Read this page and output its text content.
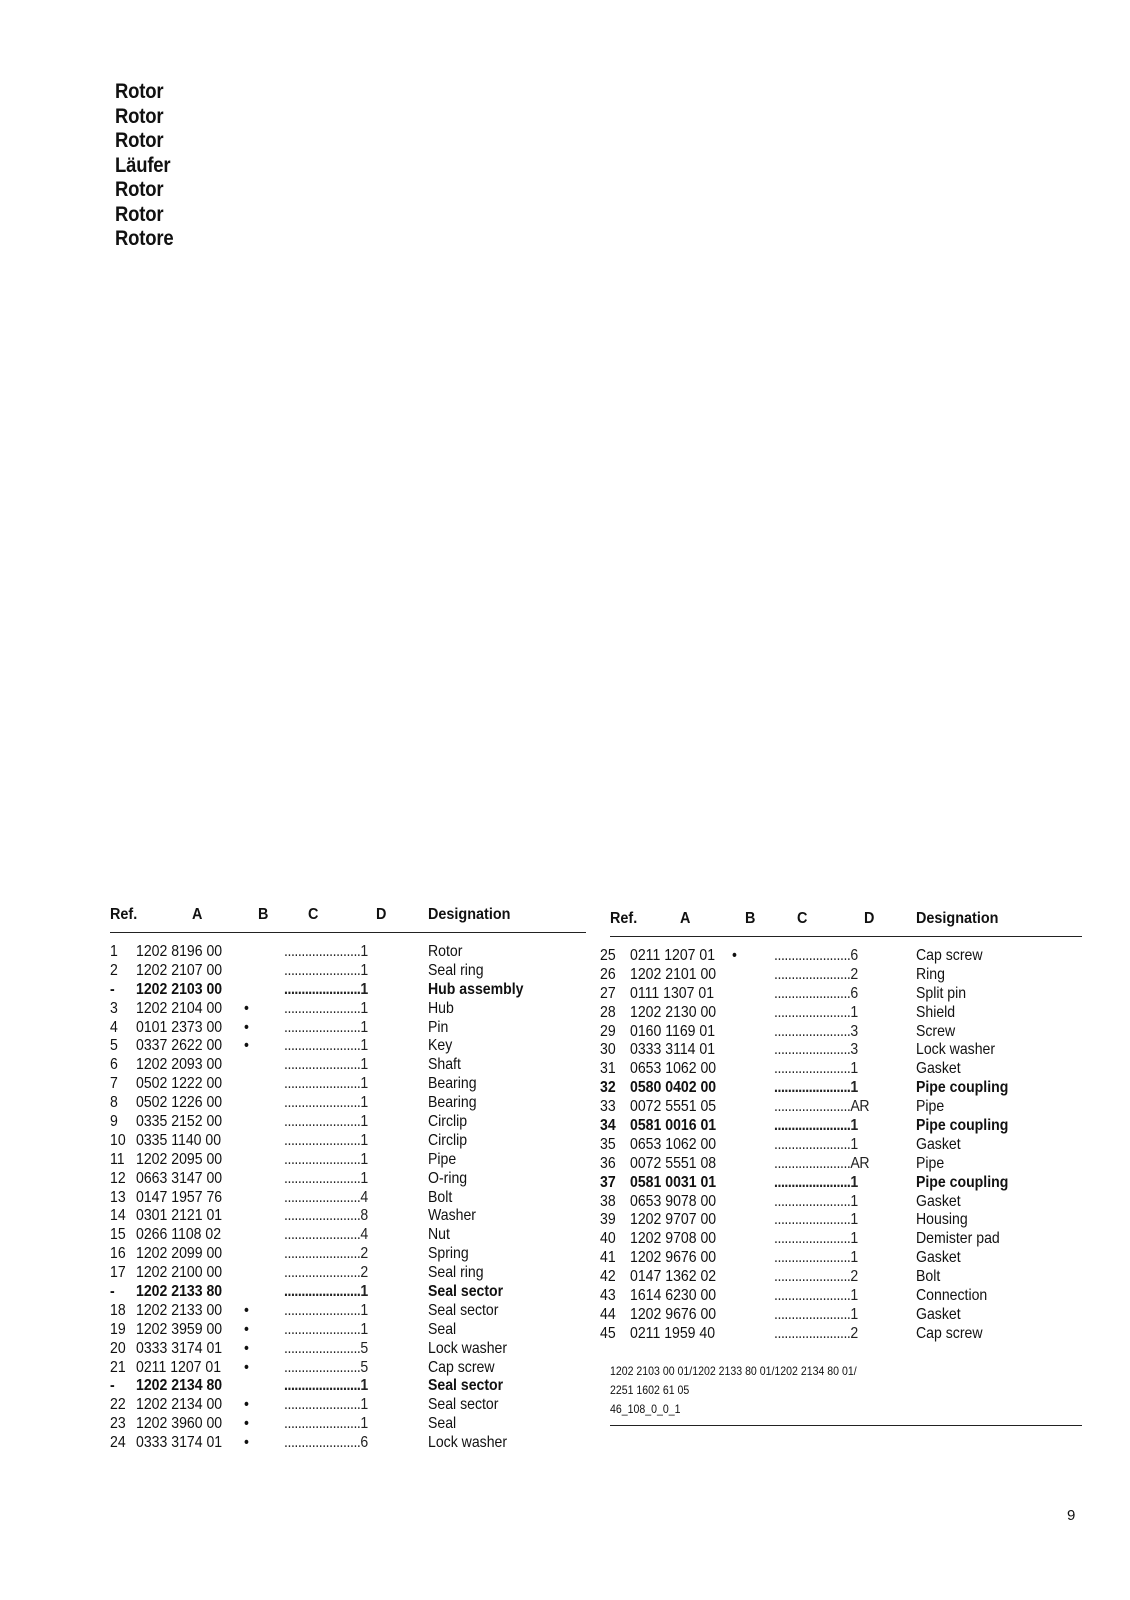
Rotor
Rotor
Rotor
Läufer
Rotor
Rotor
Rotore
Ref.	A	B C	D	Designation
1 1202 8196 00	......................1	Rotor
2 1202 2107 00	......................1	Seal ring
- 1202 2103 00	......................1	Hub assembly
3 1202 2104 00 • ......................1	Hub
4 0101 2373 00 • ......................1	Pin
5 0337 2622 00 • ......................1	Key
6 1202 2093 00	......................1	Shaft
7 0502 1222 00	......................1	Bearing
8 0502 1226 00	......................1	Bearing
9 0335 2152 00	......................1	Circlip
10 0335 1140 00	......................1	Circlip
11 1202 2095 00	......................1	Pipe
12 0663 3147 00	......................1	O-ring
13 0147 1957 76	......................4	Bolt
14 0301 2121 01	......................8	Washer
15 0266 1108 02	......................4	Nut
16 1202 2099 00	......................2	Spring
17 1202 2100 00	......................2	Seal ring
- 1202 2133 80	......................1	Seal sector
18 1202 2133 00 • ......................1	Seal sector
19 1202 3959 00 • ......................1	Seal
20 0333 3174 01 • ......................5	Lock washer
21 0211 1207 01 • ......................5	Cap screw
- 1202 2134 80	......................1	Seal sector
22 1202 2134 00 • ......................1	Seal sector
23 1202 3960 00 • ......................1	Seal
24 0333 3174 01 • ......................6	Lock washer
Ref.	A	B	C	D	Designation
25 0211 1207 01 • ......................6	Cap screw
26 1202 2101 00	......................2	Ring
27 0111 1307 01	......................6	Split pin
28 1202 2130 00	......................1	Shield
29 0160 1169 01	......................3	Screw
30 0333 3114 01	......................3	Lock washer
31 0653 1062 00	......................1	Gasket
32 0580 0402 00	......................1	Pipe coupling
33 0072 5551 05	......................AR	Pipe
34 0581 0016 01	......................1	Pipe coupling
35 0653 1062 00	......................1	Gasket
36 0072 5551 08	......................AR	Pipe
37 0581 0031 01	......................1	Pipe coupling
38 0653 9078 00	......................1	Gasket
39 1202 9707 00	......................1	Housing
40 1202 9708 00	......................1	Demister pad
41 1202 9676 00	......................1	Gasket
42 0147 1362 02	......................2	Bolt
43 1614 6230 00	......................1	Connection
44 1202 9676 00	......................1	Gasket
45 0211 1959 40	......................2	Cap screw
1202 2103 00 01/1202 2133 80 01/1202 2134 80 01/
2251 1602 61 05
46_108_0_0_1
9
